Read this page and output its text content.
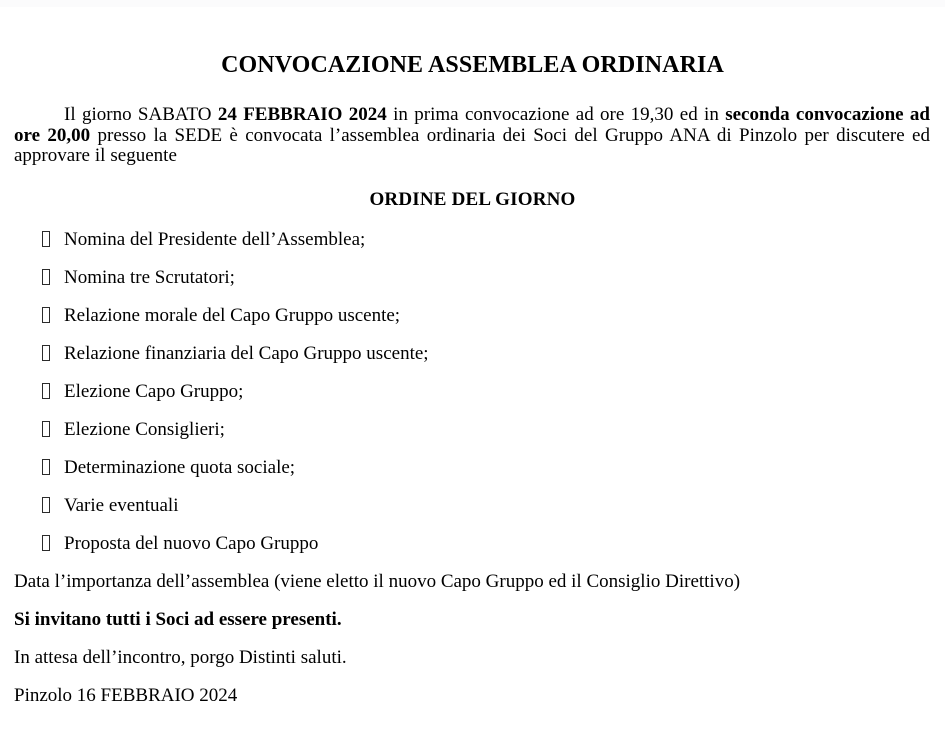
CONVOCAZIONE ASSEMBLEA ORDINARIA

Il giorno SABATO 24 FEBBRAIO 2024 in prima convocazione ad ore 19,30 ed in seconda convocazione ad ore 20,00 presso la SEDE è convocata l’assemblea ordinaria dei Soci del Gruppo ANA di Pinzolo per discutere ed approvare il seguente

ORDINE DEL GIORNO
Nomina del Presidente dell’Assemblea;
Nomina tre Scrutatori;
Relazione morale del Capo Gruppo uscente;
Relazione finanziaria del Capo Gruppo uscente;
Elezione Capo Gruppo;
Elezione Consiglieri;
Determinazione quota sociale;
Varie eventuali
Proposta del nuovo Capo Gruppo

Data l’importanza dell’assemblea (viene eletto il nuovo Capo Gruppo ed il Consiglio Direttivo)

Si invitano tutti i Soci ad essere presenti.

In attesa dell’incontro, porgo Distinti saluti.

Pinzolo 16 FEBBRAIO 2024
